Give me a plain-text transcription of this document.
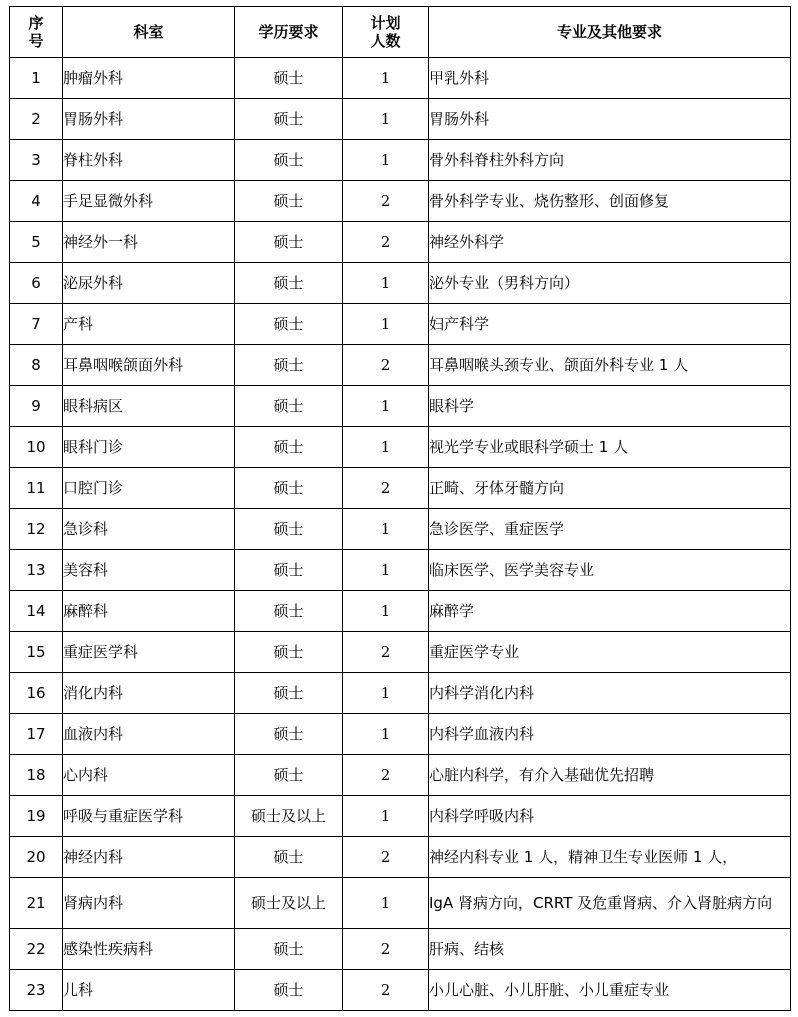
序号	科室	学历要求	计划人数	专业及其他要求
1	肿瘤外科	硕士	1	甲乳外科
2	胃肠外科	硕士	1	胃肠外科
3	脊柱外科	硕士	1	骨外科脊柱外科方向
4	手足显微外科	硕士	2	骨外科学专业、烧伤整形、创面修复
5	神经外一科	硕士	2	神经外科学
6	泌尿外科	硕士	1	泌外专业（男科方向）
7	产科	硕士	1	妇产科学
8	耳鼻咽喉颌面外科	硕士	2	耳鼻咽喉头颈专业、颌面外科专业 1 人
9	眼科病区	硕士	1	眼科学
10	眼科门诊	硕士	1	视光学专业或眼科学硕士 1 人
11	口腔门诊	硕士	2	正畸、牙体牙髓方向
12	急诊科	硕士	1	急诊医学、重症医学
13	美容科	硕士	1	临床医学、医学美容专业
14	麻醉科	硕士	1	麻醉学
15	重症医学科	硕士	2	重症医学专业
16	消化内科	硕士	1	内科学消化内科
17	血液内科	硕士	1	内科学血液内科
18	心内科	硕士	2	心脏内科学，有介入基础优先招聘
19	呼吸与重症医学科	硕士及以上	1	内科学呼吸内科
20	神经内科	硕士	2	神经内科专业 1 人，精神卫生专业医师 1 人，
21	肾病内科	硕士及以上	1	IgA 肾病方向，CRRT 及危重肾病、介入肾脏病方向
22	感染性疾病科	硕士	2	肝病、结核
23	儿科	硕士	2	小儿心脏、小儿肝脏、小儿重症专业
